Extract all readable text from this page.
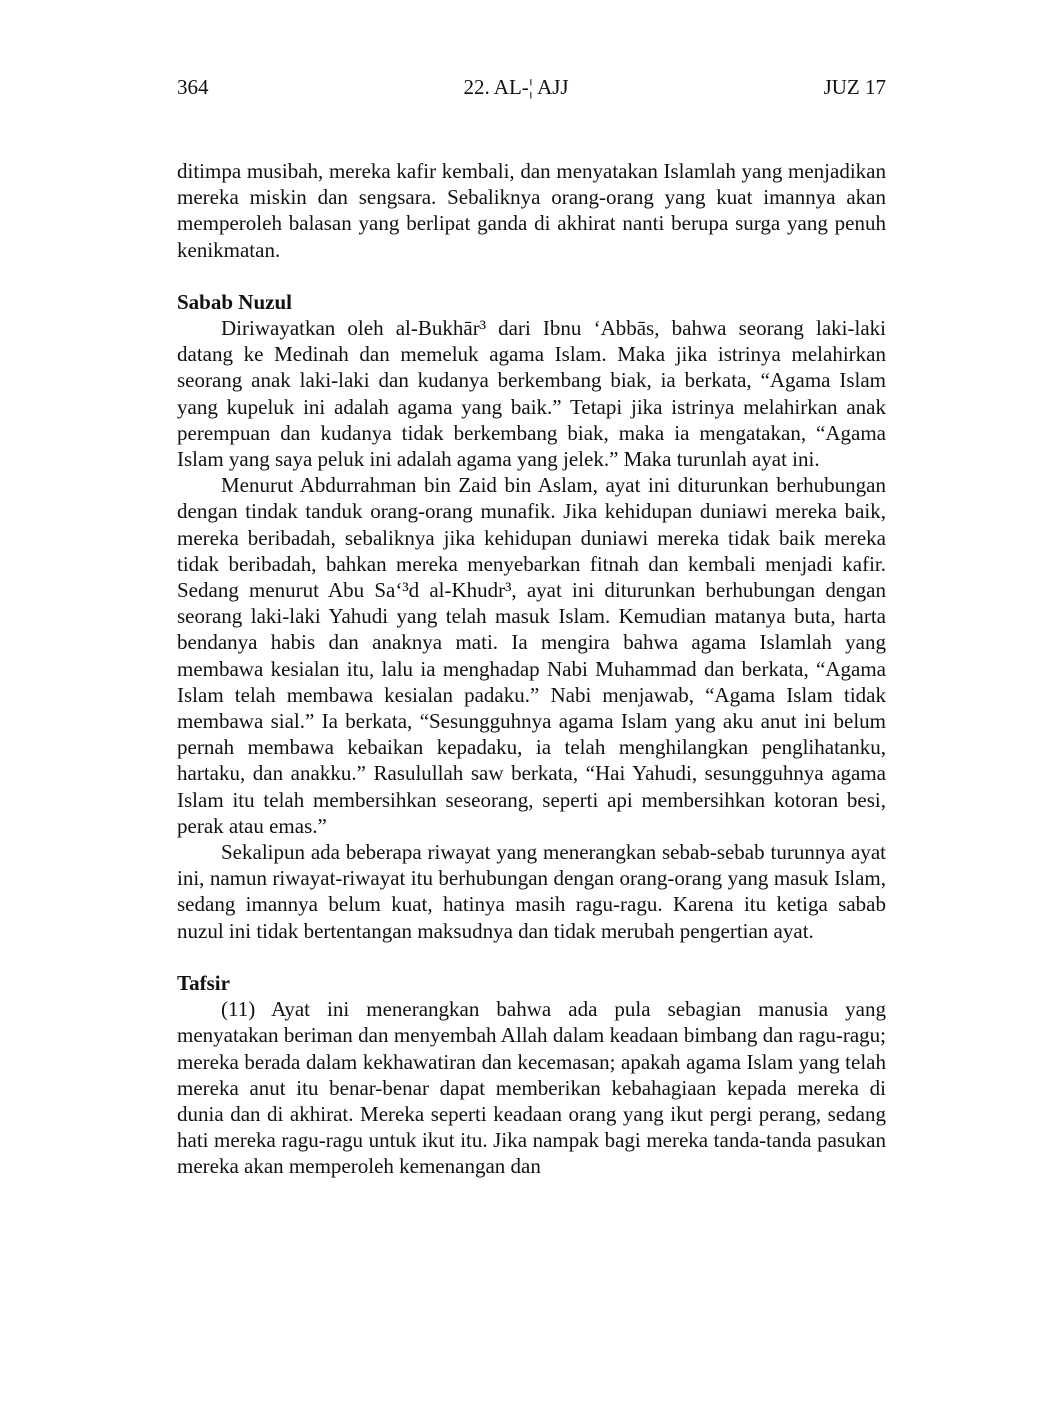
364	22. AL-¦ AJJ	JUZ 17

ditimpa musibah, mereka kafir kembali, dan menyatakan Islamlah yang menjadikan mereka miskin dan sengsara. Sebaliknya orang-orang yang kuat imannya akan memperoleh balasan yang berlipat ganda di akhirat nanti berupa surga yang penuh kenikmatan.

Sabab Nuzul

Diriwayatkan oleh al-Bukhār³ dari Ibnu ‘Abbās, bahwa seorang laki-laki datang ke Medinah dan memeluk agama Islam. Maka jika istrinya melahirkan seorang anak laki-laki dan kudanya berkembang biak, ia berkata, “Agama Islam yang kupeluk ini adalah agama yang baik.” Tetapi jika istrinya melahirkan anak perempuan dan kudanya tidak berkembang biak, maka ia mengatakan, “Agama Islam yang saya peluk ini adalah agama yang jelek.” Maka turunlah ayat ini.

Menurut Abdurrahman bin Zaid bin Aslam, ayat ini diturunkan berhubungan dengan tindak tanduk orang-orang munafik. Jika kehidupan duniawi mereka baik, mereka beribadah, sebaliknya jika kehidupan duniawi mereka tidak baik mereka tidak beribadah, bahkan mereka menyebarkan fitnah dan kembali menjadi kafir. Sedang menurut Abu Sa‘³d al-Khudr³, ayat ini diturunkan berhubungan dengan seorang laki-laki Yahudi yang telah masuk Islam. Kemudian matanya buta, harta bendanya habis dan anaknya mati. Ia mengira bahwa agama Islamlah yang membawa kesialan itu, lalu ia menghadap Nabi Muhammad dan berkata, “Agama Islam telah membawa kesialan padaku.” Nabi menjawab, “Agama Islam tidak membawa sial.” Ia berkata, “Sesungguhnya agama Islam yang aku anut ini belum pernah membawa kebaikan kepadaku, ia telah menghilangkan penglihatanku, hartaku, dan anakku.” Rasulullah saw berkata, “Hai Yahudi, sesungguhnya agama Islam itu telah membersihkan seseorang, seperti api membersihkan kotoran besi, perak atau emas.”

Sekalipun ada beberapa riwayat yang menerangkan sebab-sebab turunnya ayat ini, namun riwayat-riwayat itu berhubungan dengan orang-orang yang masuk Islam, sedang imannya belum kuat, hatinya masih ragu-ragu. Karena itu ketiga sabab nuzul ini tidak bertentangan maksudnya dan tidak merubah pengertian ayat.

Tafsir

(11) Ayat ini menerangkan bahwa ada pula sebagian manusia yang menyatakan beriman dan menyembah Allah dalam keadaan bimbang dan ragu-ragu; mereka berada dalam kekhawatiran dan kecemasan; apakah agama Islam yang telah mereka anut itu benar-benar dapat memberikan kebahagiaan kepada mereka di dunia dan di akhirat. Mereka seperti keadaan orang yang ikut pergi perang, sedang hati mereka ragu-ragu untuk ikut itu. Jika nampak bagi mereka tanda-tanda pasukan mereka akan memperoleh kemenangan dan
